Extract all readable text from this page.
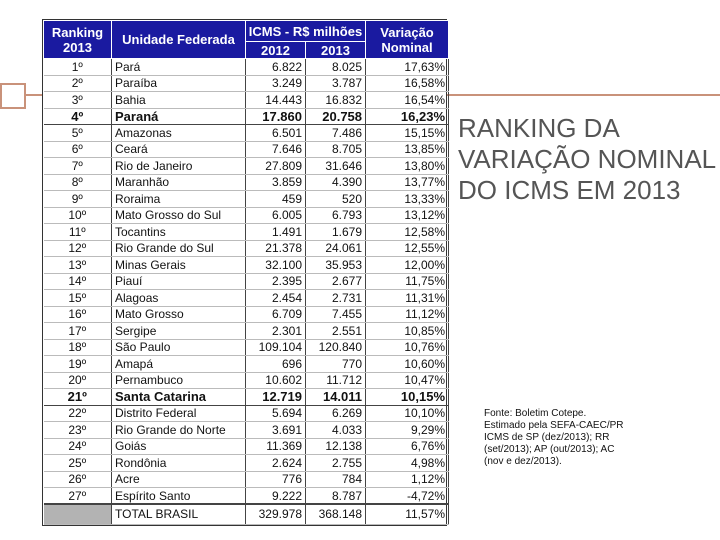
Ranking 2013	Unidade Federada	ICMS - R$ milhões		Variação Nominal
		2012	2013	
1º	Pará	6.822	8.025	17,63%
2º	Paraíba	3.249	3.787	16,58%
3º	Bahia	14.443	16.832	16,54%
4º	Paraná	17.860	20.758	16,23%
5º	Amazonas	6.501	7.486	15,15%
6º	Ceará	7.646	8.705	13,85%
7º	Rio de Janeiro	27.809	31.646	13,80%
8º	Maranhão	3.859	4.390	13,77%
9º	Roraima	459	520	13,33%
10º	Mato Grosso do Sul	6.005	6.793	13,12%
11º	Tocantins	1.491	1.679	12,58%
12º	Rio Grande do Sul	21.378	24.061	12,55%
13º	Minas Gerais	32.100	35.953	12,00%
14º	Piauí	2.395	2.677	11,75%
15º	Alagoas	2.454	2.731	11,31%
16º	Mato Grosso	6.709	7.455	11,12%
17º	Sergipe	2.301	2.551	10,85%
18º	São Paulo	109.104	120.840	10,76%
19º	Amapá	696	770	10,60%
20º	Pernambuco	10.602	11.712	10,47%
21º	Santa Catarina	12.719	14.011	10,15%
22º	Distrito Federal	5.694	6.269	10,10%
23º	Rio Grande do Norte	3.691	4.033	9,29%
24º	Goiás	11.369	12.138	6,76%
25º	Rondônia	2.624	2.755	4,98%
26º	Acre	776	784	1,12%
27º	Espírito Santo	9.222	8.787	-4,72%
	TOTAL BRASIL	329.978	368.148	11,57%
RANKING DA VARIAÇÃO NOMINAL DO ICMS EM 2013
Fonte: Boletim Cotepe. Estimado pela SEFA-CAEC/PR ICMS de SP (dez/2013); RR (set/2013); AP (out/2013); AC (nov e dez/2013).
